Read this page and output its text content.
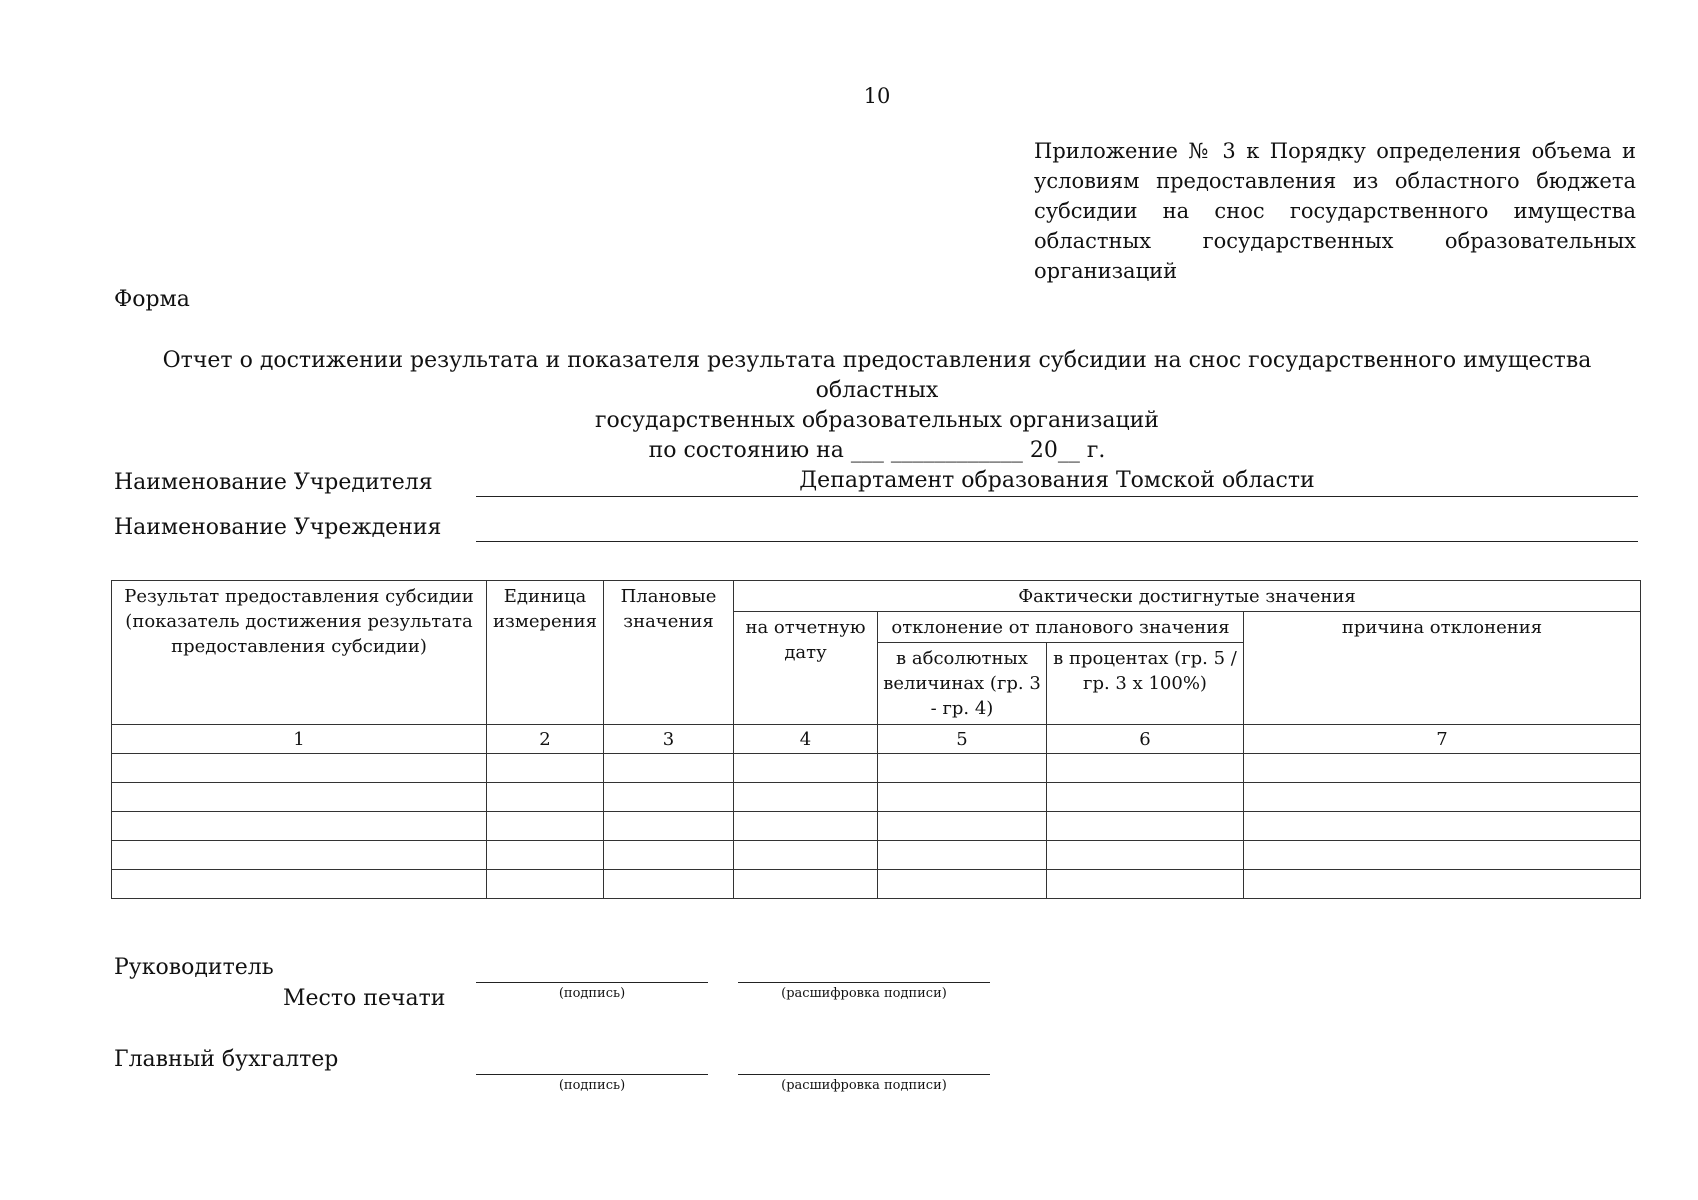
10
Приложение № 3 к Порядку определения объема и условиям предоставления из областного бюджета субсидии на снос государственного имущества областных государственных образовательных организаций
Форма
Отчет о достижении результата и показателя результата предоставления субсидии на снос государственного имущества областных
государственных образовательных организаций
по состоянию на ___ ____________ 20__ г.
Наименование Учредителя	Департамент образования Томской области
Наименование Учреждения
Результат предоставления субсидии (показатель достижения результата предоставления субсидии)	Единица измерения	Плановые значения	Фактически достигнутые значения			
			на отчетную дату	отклонение от планового значения		причина отклонения
				в абсолютных величинах (гр. 3 - гр. 4)	в процентах (гр. 5 / гр. 3 х 100%)	
1	2	3	4	5	6	7

Руководитель
Место печати	(подпись)	(расшифровка подписи)
Главный бухгалтер
(подпись)	(расшифровка подписи)
